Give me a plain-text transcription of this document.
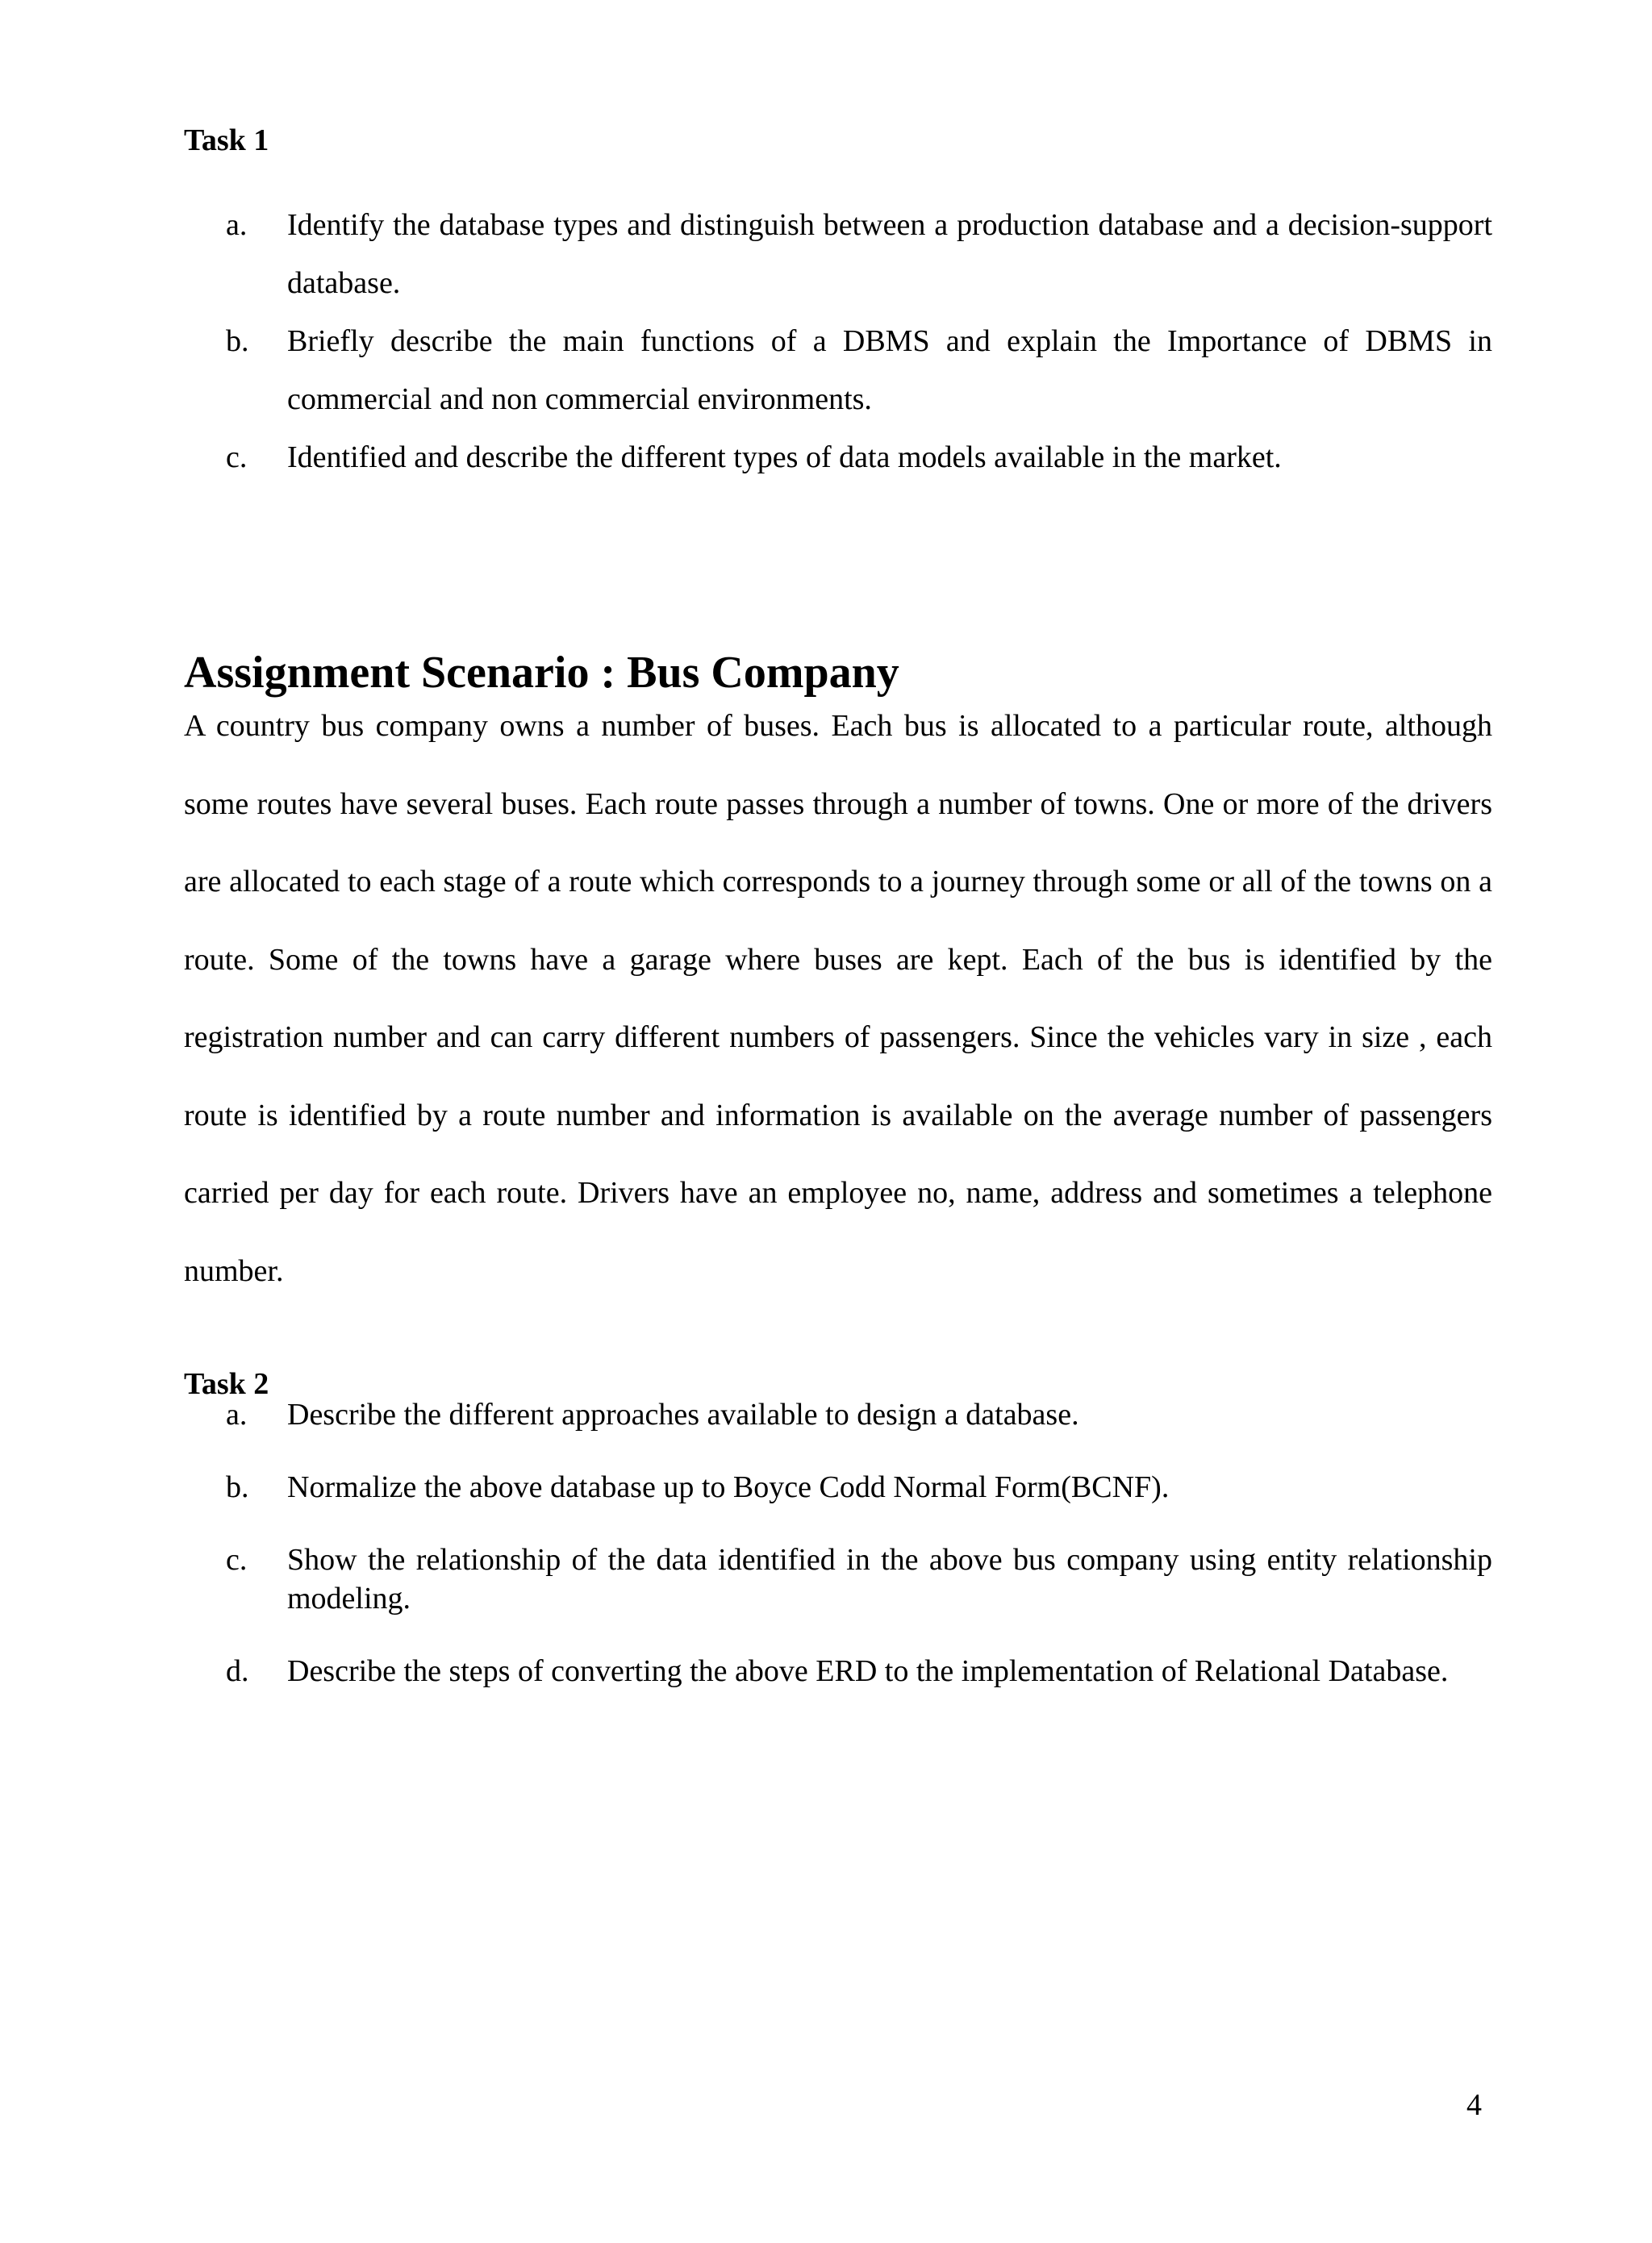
Task 1
a. Identify the database types and distinguish between a production database and a decision-support database.
b. Briefly describe the main functions of a DBMS and explain the Importance of DBMS in commercial and non commercial environments.
c. Identified and describe the different types of data models available in the market.
Assignment Scenario : Bus Company

A country bus company owns a number of buses. Each bus is allocated to a particular route, although some routes have several buses. Each route passes through a number of towns. One or more of the drivers are allocated to each stage of a route which corresponds to a journey through some or all of the towns on a route. Some of the towns have a garage where buses are kept. Each of the bus is identified by the registration number and can carry different numbers of passengers. Since the vehicles vary in size , each route is identified by a route number and information is available on the average number of passengers carried per day for each route. Drivers have an employee no, name, address and sometimes a telephone number.

Task 2
a. Describe the different approaches available to design a database.
b. Normalize the above database up to Boyce Codd Normal Form(BCNF).
c. Show the relationship of the data identified in the above bus company using entity relationship modeling.
d. Describe the steps of converting the above ERD to the implementation of Relational Database.
4
